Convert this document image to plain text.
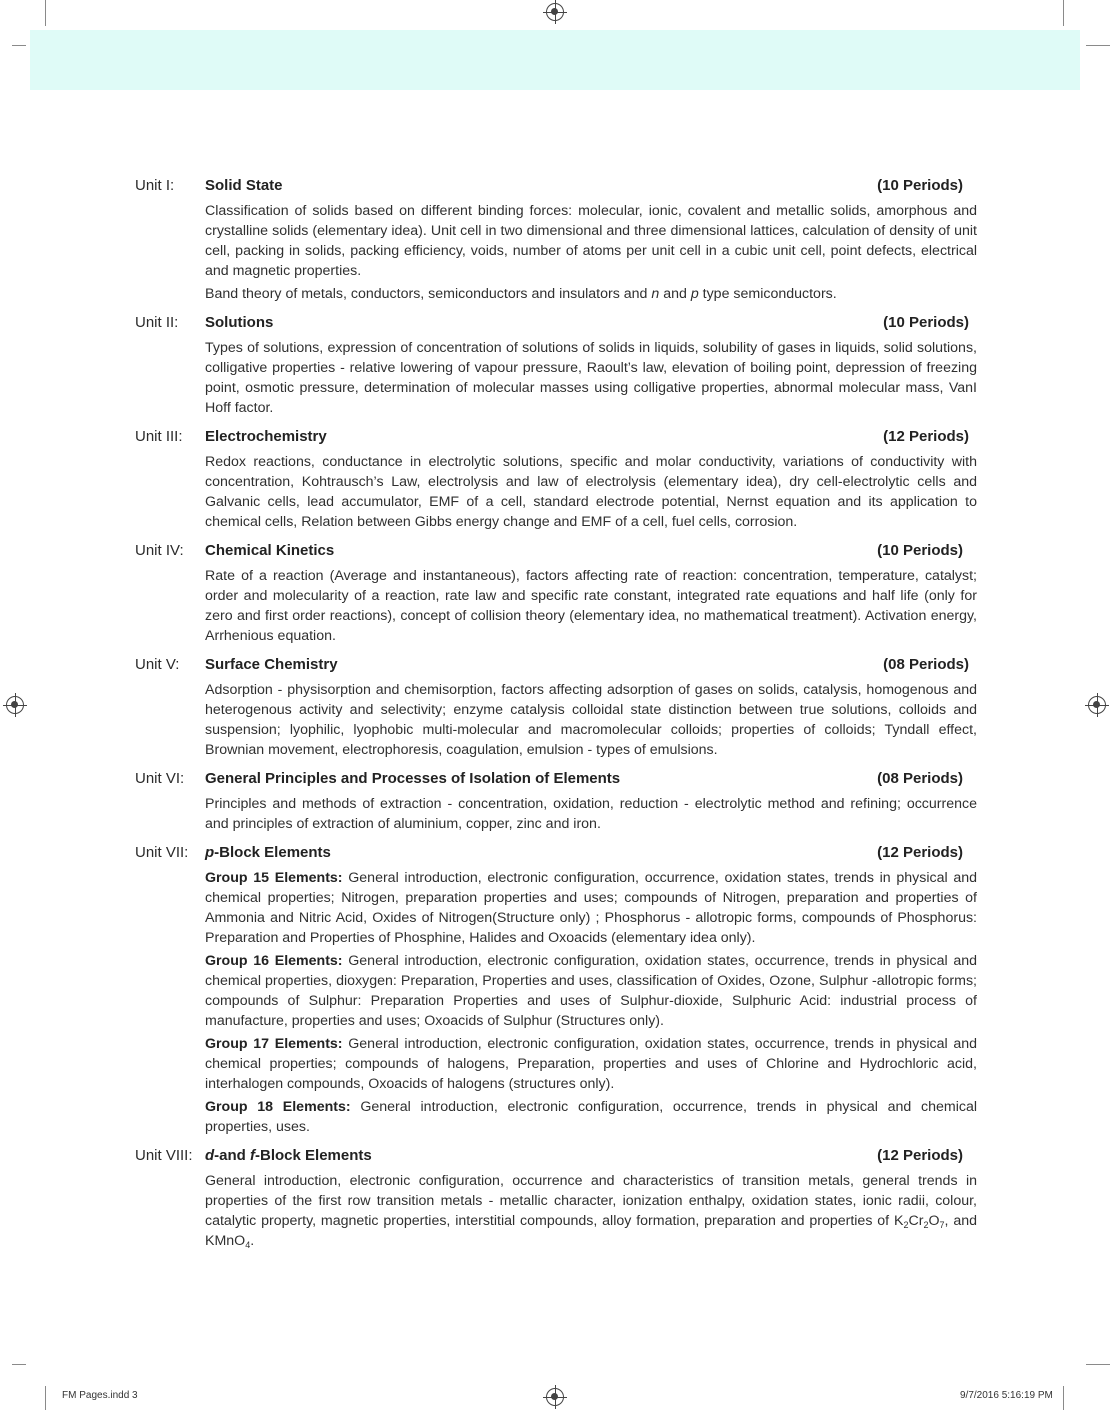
Unit I: Solid State	(10 Periods)
Classification of solids based on different binding forces: molecular, ionic, covalent and metallic solids, amorphous and crystalline solids (elementary idea). Unit cell in two dimensional and three dimensional lattices, calculation of density of unit cell, packing in solids, packing efficiency, voids, number of atoms per unit cell in a cubic unit cell, point defects, electrical and magnetic properties.
Band theory of metals, conductors, semiconductors and insulators and n and p type semiconductors.
Unit II: Solutions	(10 Periods)
Types of solutions, expression of concentration of solutions of solids in liquids, solubility of gases in liquids, solid solutions, colligative properties - relative lowering of vapour pressure, Raoult’s law, elevation of boiling point, depression of freezing point, osmotic pressure, determination of molecular masses using colligative properties, abnormal molecular mass, VanI Hoff factor.
Unit III: Electrochemistry	(12 Periods)
Redox reactions, conductance in electrolytic solutions, specific and molar conductivity, variations of conductivity with concentration, Kohtrausch’s Law, electrolysis and law of electrolysis (elementary idea), dry cell-electrolytic cells and Galvanic cells, lead accumulator, EMF of a cell, standard electrode potential, Nernst equation and its application to chemical cells, Relation between Gibbs energy change and EMF of a cell, fuel cells, corrosion.
Unit IV: Chemical Kinetics	(10 Periods)
Rate of a reaction (Average and instantaneous), factors affecting rate of reaction: concentration, temperature, catalyst; order and molecularity of a reaction, rate law and specific rate constant, integrated rate equations and half life (only for zero and first order reactions), concept of collision theory (elementary idea, no mathematical treatment). Activation energy, Arrhenious equation.
Unit V: Surface Chemistry	(08 Periods)
Adsorption - physisorption and chemisorption, factors affecting adsorption of gases on solids, catalysis, homogenous and heterogenous activity and selectivity; enzyme catalysis colloidal state distinction between true solutions, colloids and suspension; lyophilic, lyophobic multi-molecular and macromolecular colloids; properties of colloids; Tyndall effect, Brownian movement, electrophoresis, coagulation, emulsion - types of emulsions.
Unit VI: General Principles and Processes of Isolation of Elements	(08 Periods)
Principles and methods of extraction - concentration, oxidation, reduction - electrolytic method and refining; occurrence and principles of extraction of aluminium, copper, zinc and iron.
Unit VII: p-Block Elements	(12 Periods)
Group 15 Elements: General introduction, electronic configuration, occurrence, oxidation states, trends in physical and chemical properties; Nitrogen, preparation properties and uses; compounds of Nitrogen, preparation and properties of Ammonia and Nitric Acid, Oxides of Nitrogen(Structure only) ; Phosphorus - allotropic forms, compounds of Phosphorus: Preparation and Properties of Phosphine, Halides and Oxoacids (elementary idea only).
Group 16 Elements: General introduction, electronic configuration, oxidation states, occurrence, trends in physical and chemical properties, dioxygen: Preparation, Properties and uses, classification of Oxides, Ozone, Sulphur -allotropic forms; compounds of Sulphur: Preparation Properties and uses of Sulphur-dioxide, Sulphuric Acid: industrial process of manufacture, properties and uses; Oxoacids of Sulphur (Structures only).
Group 17 Elements: General introduction, electronic configuration, oxidation states, occurrence, trends in physical and chemical properties; compounds of halogens, Preparation, properties and uses of Chlorine and Hydrochloric acid, interhalogen compounds, Oxoacids of halogens (structures only).
Group 18 Elements: General introduction, electronic configuration, occurrence, trends in physical and chemical properties, uses.
Unit VIII: d-and f-Block Elements	(12 Periods)
General introduction, electronic configuration, occurrence and characteristics of transition metals, general trends in properties of the first row transition metals - metallic character, ionization enthalpy, oxidation states, ionic radii, colour, catalytic property, magnetic properties, interstitial compounds, alloy formation, preparation and properties of $K_2Cr_2O_7$, and KMnO$_4$.
FM Pages.indd 3	9/7/2016 5:16:19 PM
